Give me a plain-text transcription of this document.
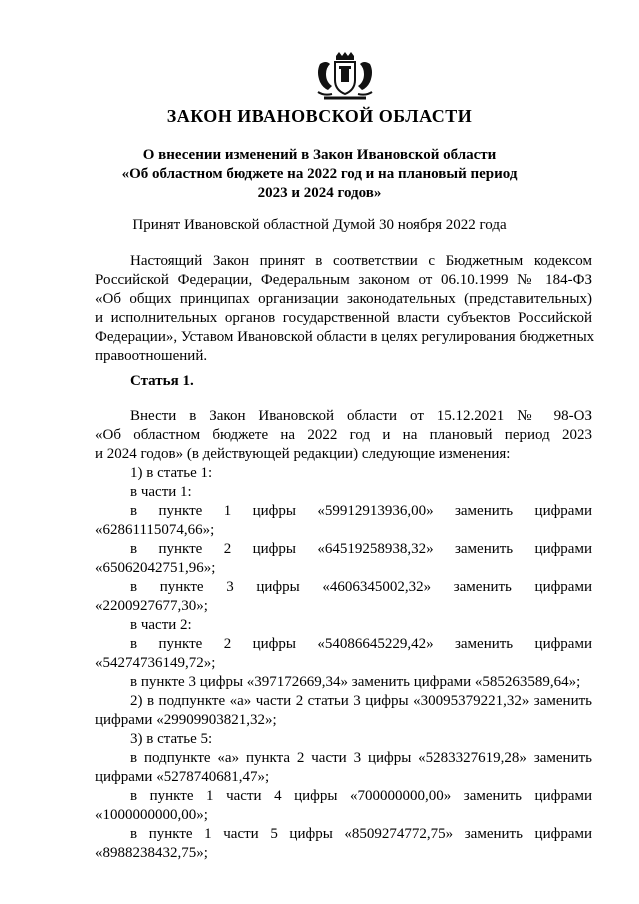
ЗАКОН ИВАНОВСКОЙ ОБЛАСТИ
О внесении изменений в Закон Ивановской области
«Об областном бюджете на 2022 год и на плановый период
2023 и 2024 годов»
Принят Ивановской областной Думой 30 ноября 2022 года
Настоящий Закон принят в соответствии с Бюджетным кодексом
Российской Федерации, Федеральным законом от 06.10.1999 № 184-ФЗ
«Об общих принципах организации законодательных (представительных)
и исполнительных органов государственной власти субъектов Российской
Федерации», Уставом Ивановской области в целях регулирования бюджетных
правоотношений.
Статья 1.
Внести в Закон Ивановской области от 15.12.2021 № 98-ОЗ
«Об областном бюджете на 2022 год и на плановый период 2023
и 2024 годов» (в действующей редакции) следующие изменения:
1) в статье 1:
в части 1:
в пункте 1 цифры «59912913936,00» заменить цифрами
«62861115074,66»;
в пункте 2 цифры «64519258938,32» заменить цифрами
«65062042751,96»;
в пункте 3 цифры «4606345002,32» заменить цифрами
«2200927677,30»;
в части 2:
в пункте 2 цифры «54086645229,42» заменить цифрами
«54274736149,72»;
в пункте 3 цифры «397172669,34» заменить цифрами «585263589,64»;
2) в подпункте «а» части 2 статьи 3 цифры «30095379221,32» заменить
цифрами «29909903821,32»;
3) в статье 5:
в подпункте «а» пункта 2 части 3 цифры «5283327619,28» заменить
цифрами «5278740681,47»;
в пункте 1 части 4 цифры «700000000,00» заменить цифрами
«1000000000,00»;
в пункте 1 части 5 цифры «8509274772,75» заменить цифрами
«8988238432,75»;
